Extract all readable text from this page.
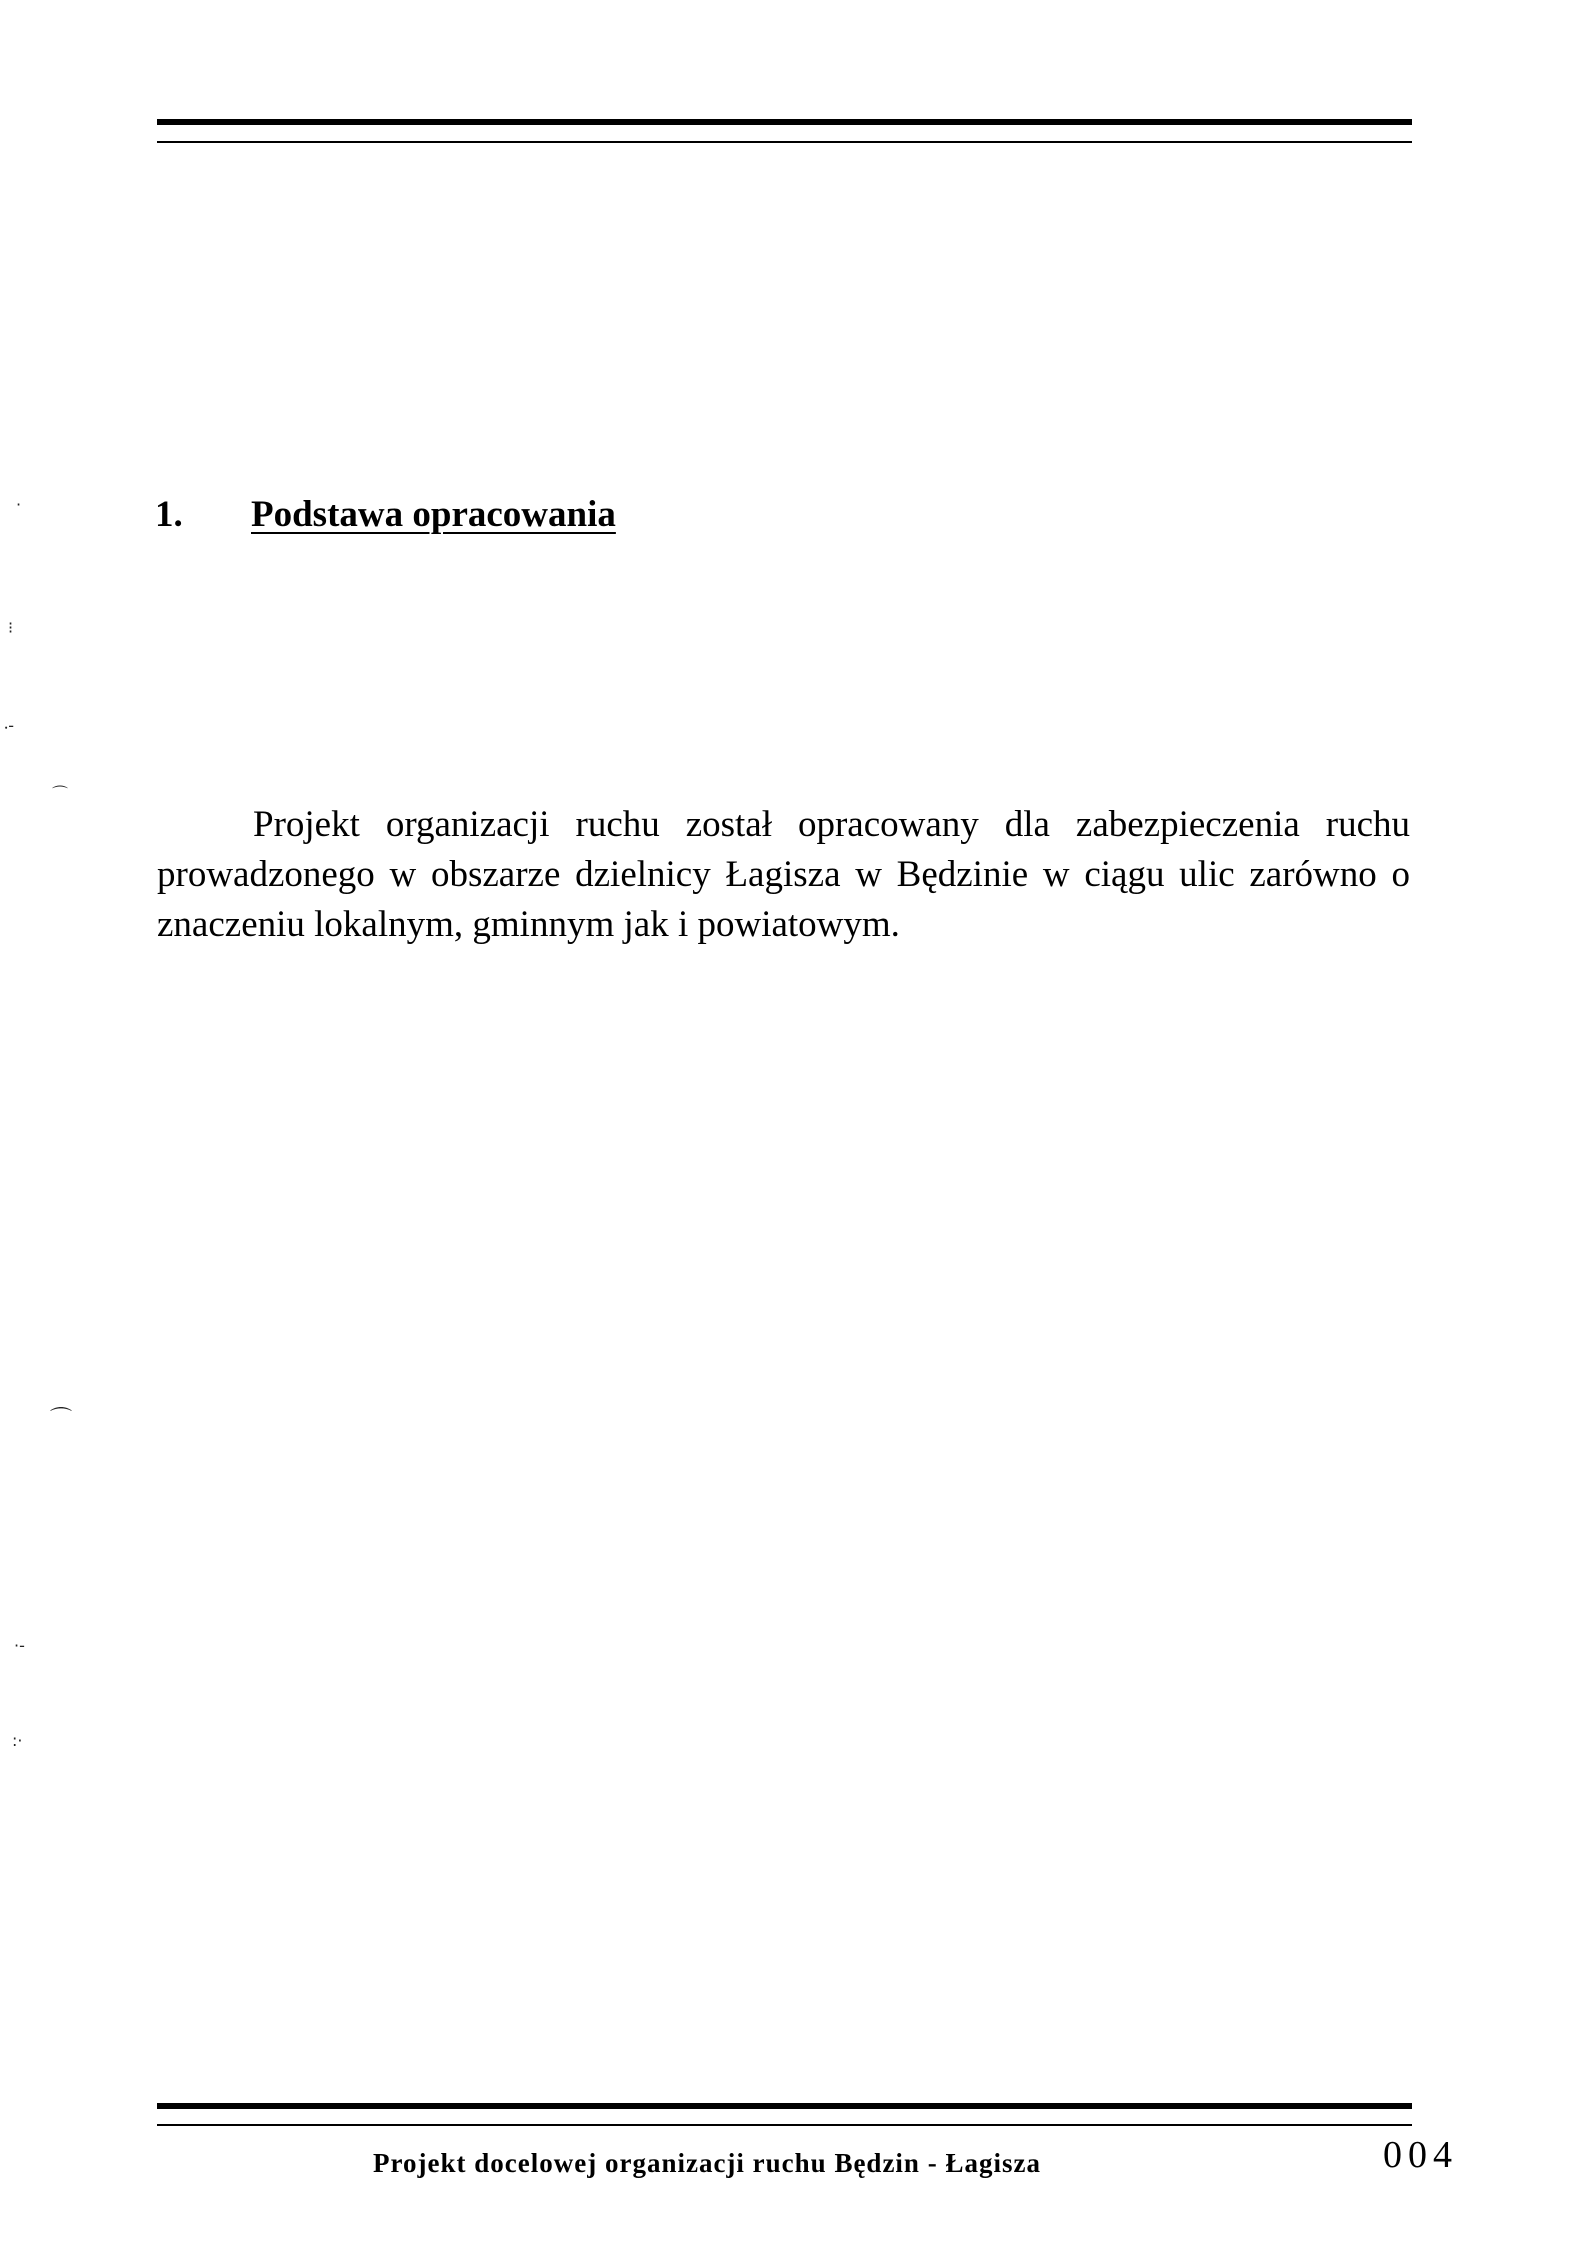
1. Podstawa opracowania

Projekt organizacji ruchu został opracowany dla zabezpieczenia ruchu prowadzonego w obszarze dzielnicy Łagisza w Będzinie w ciągu ulic zarówno o znaczeniu lokalnym, gminnym jak i powiatowym.

Projekt docelowej organizacji ruchu Będzin - Łagisza	004
·
⁝
⸳-
⌒
⌒
·-
:·
